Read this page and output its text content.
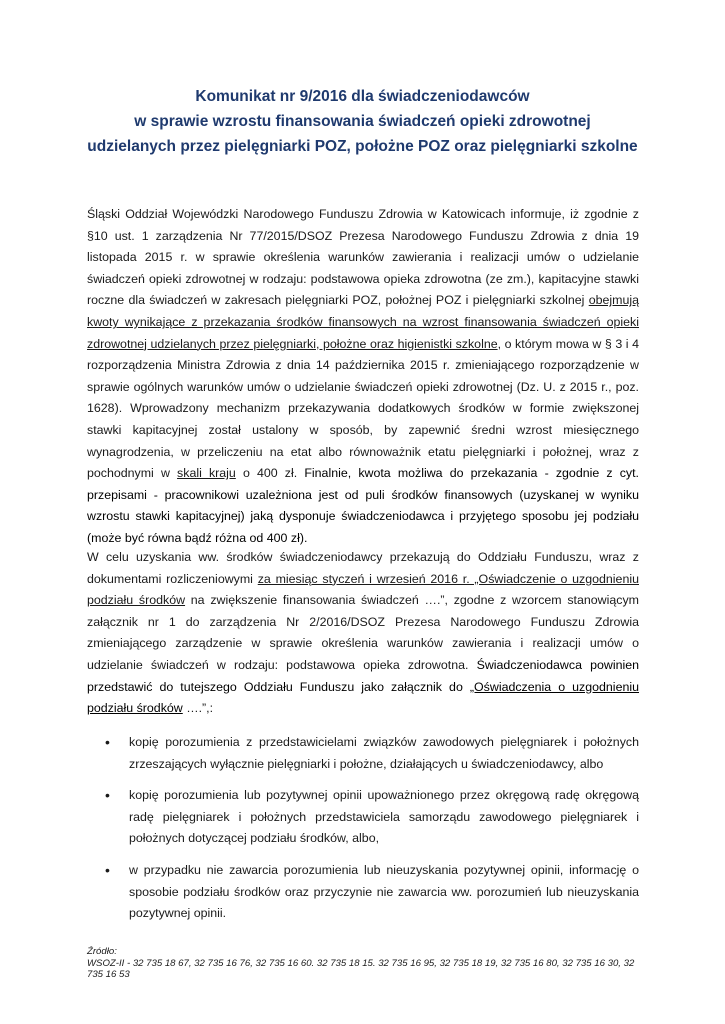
Komunikat nr 9/2016 dla świadczeniodawców
w sprawie wzrostu finansowania świadczeń opieki zdrowotnej
udzielanych przez pielęgniarki POZ, położne POZ oraz pielęgniarki szkolne
Śląski Oddział Wojewódzki Narodowego Funduszu Zdrowia w Katowicach informuje, iż zgodnie z §10 ust. 1 zarządzenia Nr 77/2015/DSOZ Prezesa Narodowego Funduszu Zdrowia z dnia 19 listopada 2015 r. w sprawie określenia warunków zawierania i realizacji umów o udzielanie świadczeń opieki zdrowotnej w rodzaju: podstawowa opieka zdrowotna (ze zm.), kapitacyjne stawki roczne dla świadczeń w zakresach pielęgniarki POZ, położnej POZ i pielęgniarki szkolnej obejmują kwoty wynikające z przekazania środków finansowych na wzrost finansowania świadczeń opieki zdrowotnej udzielanych przez pielęgniarki, położne oraz higienistki szkolne, o którym mowa w § 3 i 4 rozporządzenia Ministra Zdrowia z dnia 14 października 2015 r. zmieniającego rozporządzenie w sprawie ogólnych warunków umów o udzielanie świadczeń opieki zdrowotnej (Dz. U. z 2015 r., poz. 1628). Wprowadzony mechanizm przekazywania dodatkowych środków w formie zwiększonej stawki kapitacyjnej został ustalony w sposób, by zapewnić średni wzrost miesięcznego wynagrodzenia, w przeliczeniu na etat albo równoważnik etatu pielęgniarki i położnej, wraz z pochodnymi w skali kraju o 400 zł. Finalnie, kwota możliwa do przekazania - zgodnie z cyt. przepisami - pracownikowi uzależniona jest od puli środków finansowych (uzyskanej w wyniku wzrostu stawki kapitacyjnej) jaką dysponuje świadczeniodawca i przyjętego sposobu jej podziału (może być równa bądź różna od 400 zł).
W celu uzyskania ww. środków świadczeniodawcy przekazują do Oddziału Funduszu, wraz z dokumentami rozliczeniowymi za miesiąc styczeń i wrzesień 2016 r. „Oświadczenie o uzgodnieniu podziału środków na zwiększenie finansowania świadczeń ….”, zgodne z wzorcem stanowiącym załącznik nr 1 do zarządzenia Nr 2/2016/DSOZ Prezesa Narodowego Funduszu Zdrowia zmieniającego zarządzenie w sprawie określenia warunków zawierania i realizacji umów o udzielanie świadczeń w rodzaju: podstawowa opieka zdrowotna. Świadczeniodawca powinien przedstawić do tutejszego Oddziału Funduszu jako załącznik do „Oświadczenia o uzgodnieniu podziału środków ….”,:
• kopię porozumienia z przedstawicielami związków zawodowych pielęgniarek i położnych zrzeszających wyłącznie pielęgniarki i położne, działających u świadczeniodawcy, albo
• kopię porozumienia lub pozytywnej opinii upoważnionego przez okręgową radę okręgową radę pielęgniarek i położnych przedstawiciela samorządu zawodowego pielęgniarek i położnych dotyczącej podziału środków, albo,
• w przypadku nie zawarcia porozumienia lub nieuzyskania pozytywnej opinii, informację o sposobie podziału środków oraz przyczynie nie zawarcia ww. porozumień lub nieuzyskania pozytywnej opinii.
Źródło:
WSOZ-II - 32 735 18 67, 32 735 16 76, 32 735 16 60. 32 735 18 15. 32 735 16 95, 32 735 18 19, 32 735 16 80, 32 735 16 30, 32 735 16 53
